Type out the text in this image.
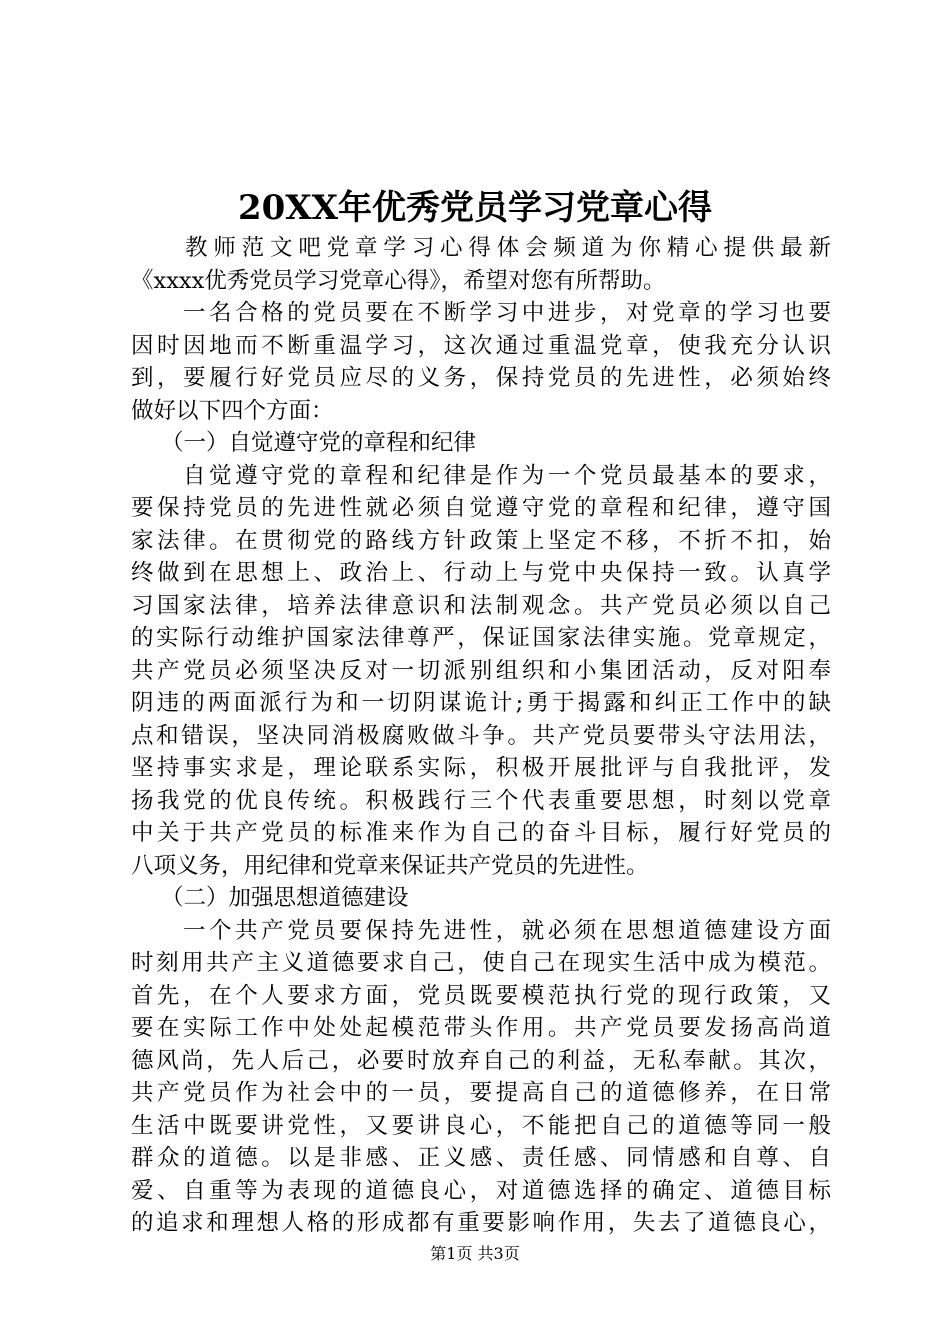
20XX年优秀党员学习党章心得
教师范文吧党章学习心得体会频道为你精心提供最新
《xxxx优秀党员学习党章心得》，希望对您有所帮助。
一名合格的党员要在不断学习中进步，对党章的学习也要
因时因地而不断重温学习，这次通过重温党章，使我充分认识
到，要履行好党员应尽的义务，保持党员的先进性，必须始终
做好以下四个方面：
（一）自觉遵守党的章程和纪律
自觉遵守党的章程和纪律是作为一个党员最基本的要求，
要保持党员的先进性就必须自觉遵守党的章程和纪律，遵守国
家法律。在贯彻党的路线方针政策上坚定不移，不折不扣，始
终做到在思想上、政治上、行动上与党中央保持一致。认真学
习国家法律，培养法律意识和法制观念。共产党员必须以自己
的实际行动维护国家法律尊严，保证国家法律实施。党章规定，
共产党员必须坚决反对一切派别组织和小集团活动，反对阳奉
阴违的两面派行为和一切阴谋诡计;勇于揭露和纠正工作中的缺
点和错误，坚决同消极腐败做斗争。共产党员要带头守法用法，
坚持事实求是，理论联系实际，积极开展批评与自我批评，发
扬我党的优良传统。积极践行三个代表重要思想，时刻以党章
中关于共产党员的标准来作为自己的奋斗目标，履行好党员的
八项义务，用纪律和党章来保证共产党员的先进性。
（二）加强思想道德建设
一个共产党员要保持先进性，就必须在思想道德建设方面
时刻用共产主义道德要求自己，使自己在现实生活中成为模范。
首先，在个人要求方面，党员既要模范执行党的现行政策，又
要在实际工作中处处起模范带头作用。共产党员要发扬高尚道
德风尚，先人后己，必要时放弃自己的利益，无私奉献。其次，
共产党员作为社会中的一员，要提高自己的道德修养，在日常
生活中既要讲党性，又要讲良心，不能把自己的道德等同一般
群众的道德。以是非感、正义感、责任感、同情感和自尊、自
爱、自重等为表现的道德良心，对道德选择的确定、道德目标
的追求和理想人格的形成都有重要影响作用，失去了道德良心，
第1页 共3页
